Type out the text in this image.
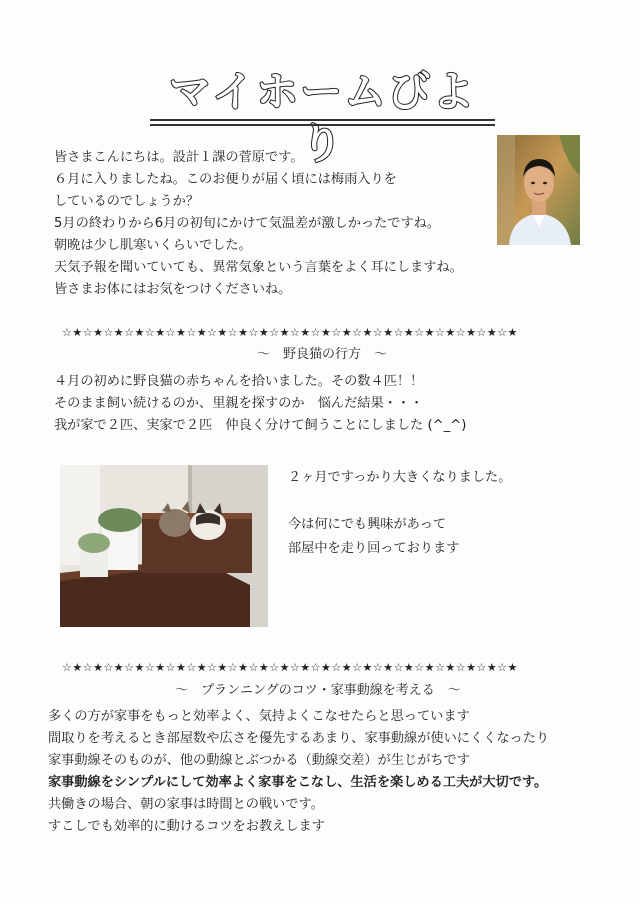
マイホームびより
皆さまこんにちは。設計１課の菅原です。
６月に入りましたね。このお便りが届く頃には梅雨入りを
しているのでしょうか？
5月の終わりから6月の初旬にかけて気温差が激しかったですね。
朝晩は少し肌寒いくらいでした。
天気予報を聞いていても、異常気象という言葉をよく耳にしますね。
皆さまお体にはお気をつけくださいね。
☆★☆★☆★☆★☆★☆★☆★☆★☆★☆★☆★☆★☆★☆★☆★☆★☆★☆★☆★☆★☆★☆★
～　野良猫の行方　～
４月の初めに野良猫の赤ちゃんを拾いました。その数４匹！！
そのまま飼い続けるのか、里親を探すのか　悩んだ結果・・・
我が家で２匹、実家で２匹　仲良く分けて飼うことにしました (^_^)
２ヶ月ですっかり大きくなりました。
今は何にでも興味があって
部屋中を走り回っております
☆★☆★☆★☆★☆★☆★☆★☆★☆★☆★☆★☆★☆★☆★☆★☆★☆★☆★☆★☆★☆★☆★
～　プランニングのコツ・家事動線を考える　～
多くの方が家事をもっと効率よく、気持よくこなせたらと思っています
間取りを考えるとき部屋数や広さを優先するあまり、家事動線が使いにくくなったり
家事動線そのものが、他の動線とぶつかる（動線交差）が生じがちです
家事動線をシンプルにして効率よく家事をこなし、生活を楽しめる工夫が大切です。
共働きの場合、朝の家事は時間との戦いです。
すこしでも効率的に動けるコツをお教えします
